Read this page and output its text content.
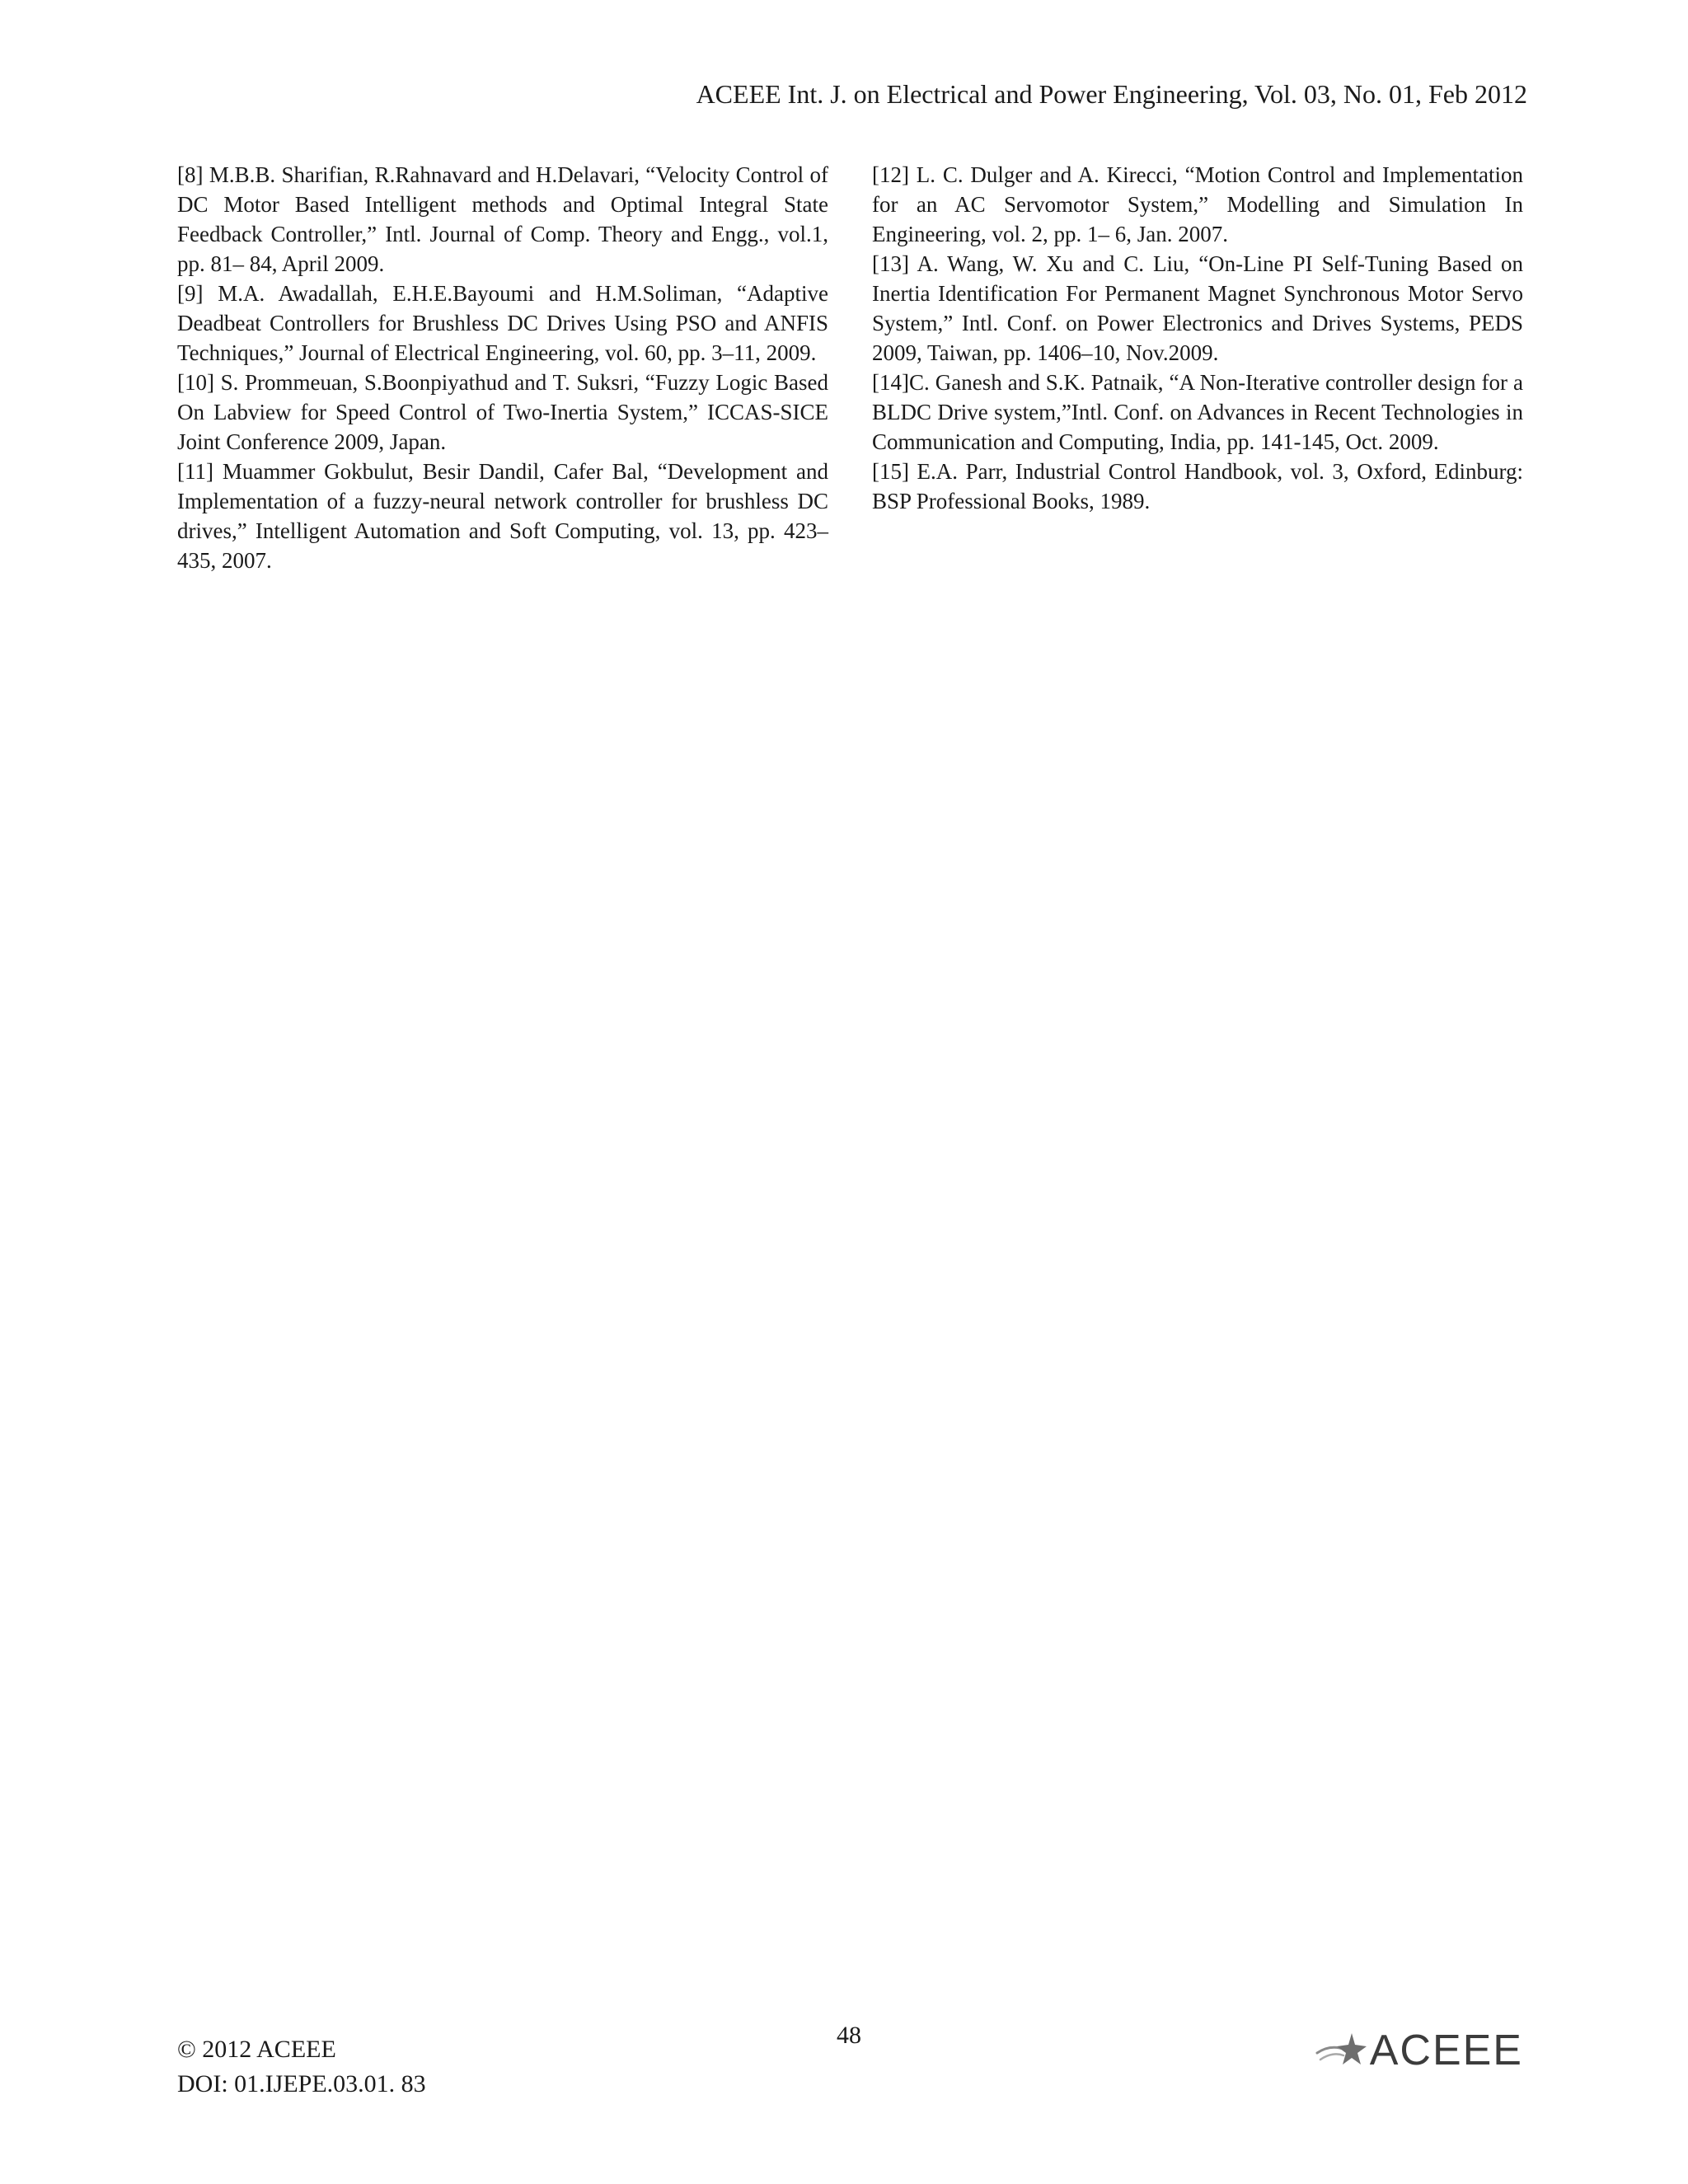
ACEEE Int. J. on Electrical and Power Engineering, Vol. 03, No. 01, Feb 2012

[8] M.B.B. Sharifian, R.Rahnavard and H.Delavari, “Velocity Control of DC Motor Based Intelligent methods and Optimal Integral State Feedback Controller,” Intl. Journal of Comp. Theory and Engg., vol.1, pp. 81– 84, April 2009.

[9] M.A. Awadallah, E.H.E.Bayoumi and H.M.Soliman, “Adaptive Deadbeat Controllers for Brushless DC Drives Using PSO and ANFIS Techniques,” Journal of Electrical Engineering, vol. 60, pp. 3–11, 2009.

[10] S. Prommeuan, S.Boonpiyathud and T. Suksri, “Fuzzy Logic Based On Labview for Speed Control of Two-Inertia System,” ICCAS-SICE Joint Conference 2009, Japan.

[11] Muammer Gokbulut, Besir Dandil, Cafer Bal, “Development and Implementation of a fuzzy-neural network controller for brushless DC drives,” Intelligent Automation and Soft Computing, vol. 13, pp. 423– 435, 2007.

[12] L. C. Dulger and A. Kirecci, “Motion Control and Implementation for an AC Servomotor System,” Modelling and Simulation In Engineering, vol. 2, pp. 1– 6, Jan. 2007.

[13] A. Wang, W. Xu and C. Liu, “On-Line PI Self-Tuning Based on Inertia Identification For Permanent Magnet Synchronous Motor Servo System,” Intl. Conf. on Power Electronics and Drives Systems, PEDS 2009, Taiwan, pp. 1406–10, Nov.2009.

[14]C. Ganesh and S.K. Patnaik, “A Non-Iterative controller design for a BLDC Drive system,”Intl. Conf. on Advances in Recent Technologies in Communication and Computing, India, pp. 141-145, Oct. 2009.

[15] E.A. Parr, Industrial Control Handbook, vol. 3, Oxford, Edinburg: BSP Professional Books, 1989.

48
© 2012 ACEEE
DOI: 01.IJEPE.03.01. 83
ACEEE
